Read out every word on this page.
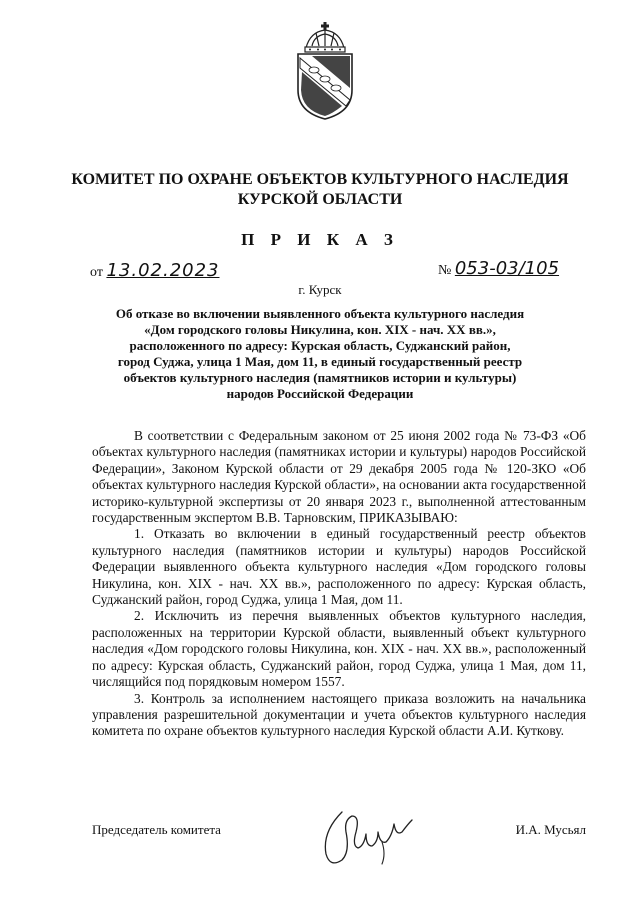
КОМИТЕТ ПО ОХРАНЕ ОБЪЕКТОВ КУЛЬТУРНОГО НАСЛЕДИЯ
КУРСКОЙ ОБЛАСТИ
П Р И К А З
от 13.02.2023	№ 053-03/105
г. Курск
Об отказе во включении выявленного объекта культурного наследия
«Дом городского головы Никулина, кон. XIX - нач. XX вв.»,
расположенного по адресу: Курская область, Суджанский район,
город Суджа, улица 1 Мая, дом 11, в единый государственный реестр
объектов культурного наследия (памятников истории и культуры)
народов Российской Федерации

В соответствии с Федеральным законом от 25 июня 2002 года № 73-ФЗ «Об объектах культурного наследия (памятниках истории и культуры) народов Российской Федерации», Законом Курской области от 29 декабря 2005 года № 120-ЗКО «Об объектах культурного наследия Курской области», на основании акта государственной историко-культурной экспертизы от 20 января 2023 г., выполненной аттестованным государственным экспертом В.В. Тарновским, ПРИКАЗЫВАЮ:

1. Отказать во включении в единый государственный реестр объектов культурного наследия (памятников истории и культуры) народов Российской Федерации выявленного объекта культурного наследия «Дом городского головы Никулина, кон. XIX - нач. XX вв.», расположенного по адресу: Курская область, Суджанский район, город Суджа, улица 1 Мая, дом 11.

2. Исключить из перечня выявленных объектов культурного наследия, расположенных на территории Курской области, выявленный объект культурного наследия «Дом городского головы Никулина, кон. XIX - нач. XX вв.», расположенный по адресу: Курская область, Суджанский район, город Суджа, улица 1 Мая, дом 11, числящийся под порядковым номером 1557.

3. Контроль за исполнением настоящего приказа возложить на начальника управления разрешительной документации и учета объектов культурного наследия комитета по охране объектов культурного наследия Курской области А.И. Куткову.

Председатель комитета	И.А. Мусьял
